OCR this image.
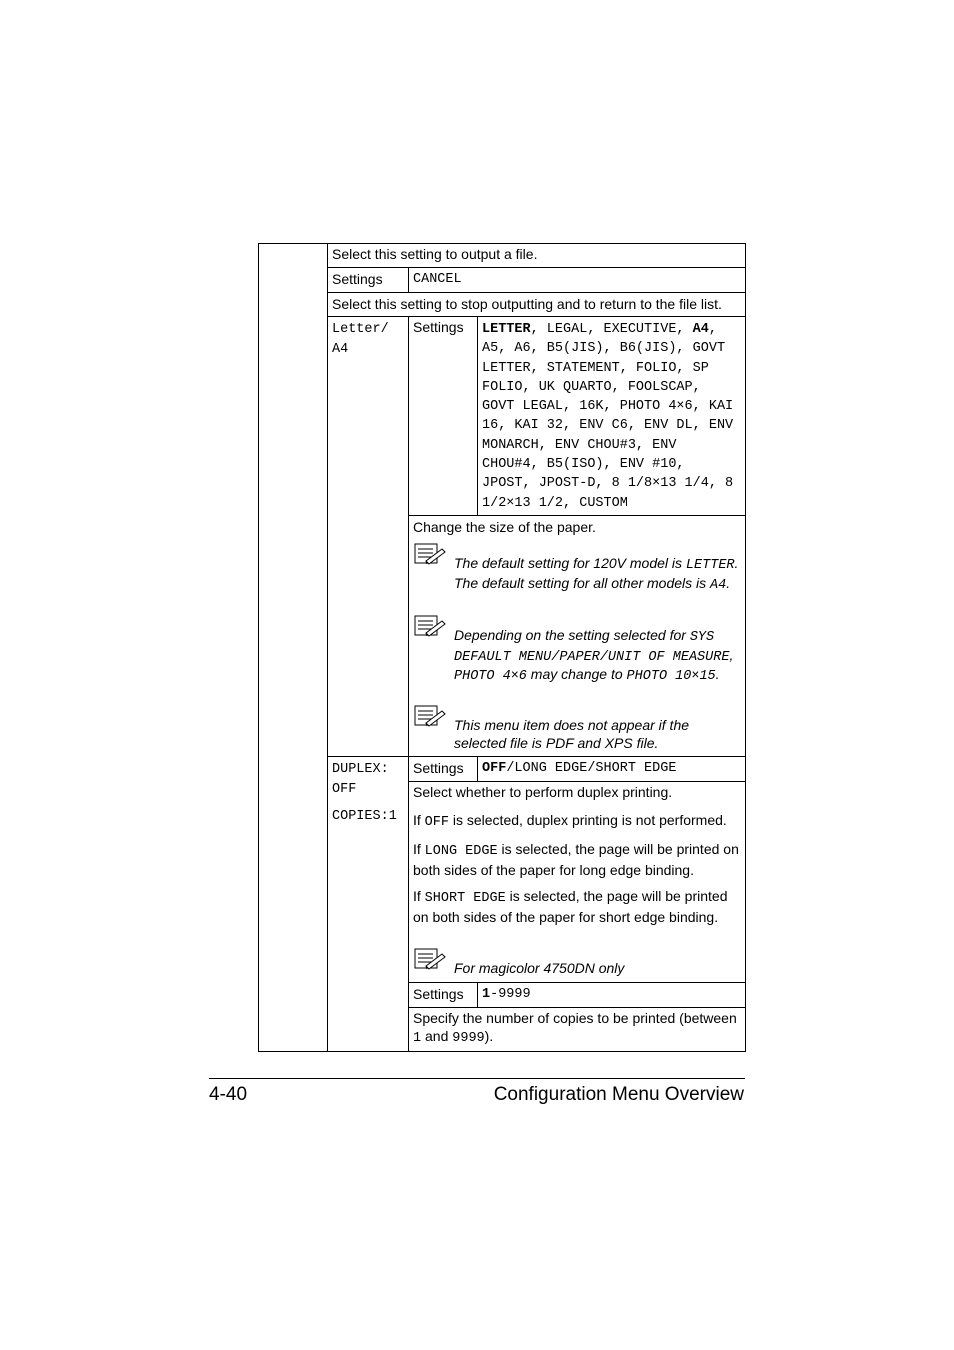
Select this setting to output a file.
Settings CANCEL
Select this setting to stop outputting and to return to the file list.
Letter/
A4
Settings LETTER, LEGAL, EXECUTIVE, A4,
A5, A6, B5(JIS), B6(JIS), GOVT
LETTER, STATEMENT, FOLIO, SP
FOLIO, UK QUARTO, FOOLSCAP,
GOVT LEGAL, 16K, PHOTO 4×6, KAI
16, KAI 32, ENV C6, ENV DL, ENV
MONARCH, ENV CHOU#3, ENV
CHOU#4, B5(ISO), ENV #10,
JPOST, JPOST-D, 8 1/8×13 1/4, 8
1/2×13 1/2, CUSTOM
Change the size of the paper.
The default setting for 120V model is LETTER. The default setting for all other models is A4.
Depending on the setting selected for SYS DEFAULT MENU/PAPER/UNIT OF MEASURE, PHOTO 4×6 may change to PHOTO 10×15.
This menu item does not appear if the selected file is PDF and XPS file.
DUPLEX:
OFF
Settings OFF/LONG EDGE/SHORT EDGE
Select whether to perform duplex printing.
If OFF is selected, duplex printing is not performed.
If LONG EDGE is selected, the page will be printed on both sides of the paper for long edge binding.
If SHORT EDGE is selected, the page will be printed on both sides of the paper for short edge binding.
For magicolor 4750DN only
COPIES:1
Settings 1-9999
Specify the number of copies to be printed (between 1 and 9999).
4-40	Configuration Menu Overview
